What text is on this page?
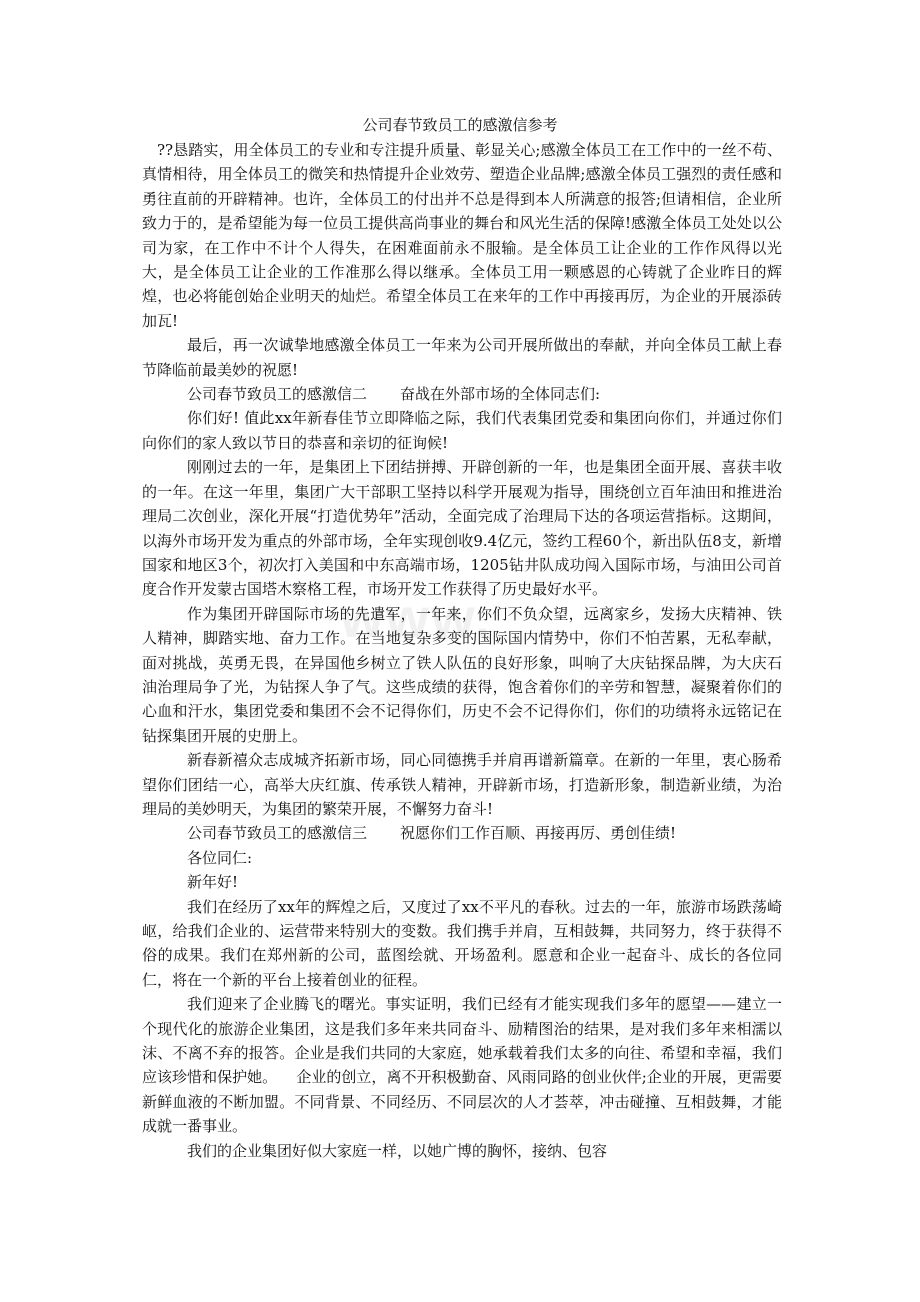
www.
公司春节致员工的感激信参考

??恳踏实，用全体员工的专业和专注提升质量、彰显关心;感激全体员工在工作中的一丝不苟、真情相待，用全体员工的微笑和热情提升企业效劳、塑造企业品牌;感激全体员工强烈的责任感和勇往直前的开辟精神。也许，全体员工的付出并不总是得到本人所满意的报答;但请相信，企业所致力于的，是希望能为每一位员工提供高尚事业的舞台和风光生活的保障!感激全体员工处处以公司为家，在工作中不计个人得失，在困难面前永不服输。是全体员工让企业的工作作风得以光大，是全体员工让企业的工作准那么得以继承。全体员工用一颗感恩的心铸就了企业昨日的辉煌，也必将能创始企业明天的灿烂。希望全体员工在来年的工作中再接再厉，为企业的开展添砖加瓦!

最后，再一次诚挚地感激全体员工一年来为公司开展所做出的奉献，并向全体员工献上春节降临前最美妙的祝愿!

公司春节致员工的感激信二 奋战在外部市场的全体同志们:

你们好! 值此xx年新春佳节立即降临之际，我们代表集团党委和集团向你们，并通过你们向你们的家人致以节日的恭喜和亲切的征询候!

刚刚过去的一年，是集团上下团结拼搏、开辟创新的一年，也是集团全面开展、喜获丰收的一年。在这一年里，集团广大干部职工坚持以科学开展观为指导，围绕创立百年油田和推进治理局二次创业，深化开展“打造优势年”活动，全面完成了治理局下达的各项运营指标。这期间，以海外市场开发为重点的外部市场，全年实现创收9.4亿元，签约工程60个，新出队伍8支，新增国家和地区3个，初次打入美国和中东高端市场，1205钻井队成功闯入国际市场，与油田公司首度合作开发蒙古国塔木察格工程，市场开发工作获得了历史最好水平。

作为集团开辟国际市场的先遣军，一年来，你们不负众望，远离家乡，发扬大庆精神、铁人精神，脚踏实地、奋力工作。在当地复杂多变的国际国内情势中，你们不怕苦累，无私奉献，面对挑战，英勇无畏，在异国他乡树立了铁人队伍的良好形象，叫响了大庆钻探品牌，为大庆石油治理局争了光，为钻探人争了气。这些成绩的获得，饱含着你们的辛劳和智慧，凝聚着你们的心血和汗水，集团党委和集团不会不记得你们，历史不会不记得你们，你们的功绩将永远铭记在钻探集团开展的史册上。

新春新禧众志成城齐拓新市场，同心同德携手并肩再谱新篇章。在新的一年里，衷心肠希望你们团结一心，高举大庆红旗、传承铁人精神，开辟新市场，打造新形象，制造新业绩，为治理局的美妙明天，为集团的繁荣开展，不懈努力奋斗!

公司春节致员工的感激信三 祝愿你们工作百顺、再接再厉、勇创佳绩!

各位同仁:

新年好!

我们在经历了xx年的辉煌之后，又度过了xx不平凡的春秋。过去的一年，旅游市场跌荡崎岖，给我们企业的、运营带来特别大的变数。我们携手并肩，互相鼓舞，共同努力，终于获得不俗的成果。我们在郑州新的公司，蓝图绘就、开场盈利。愿意和企业一起奋斗、成长的各位同仁，将在一个新的平台上接着创业的征程。

我们迎来了企业腾飞的曙光。事实证明，我们已经有才能实现我们多年的愿望——建立一个现代化的旅游企业集团，这是我们多年来共同奋斗、励精图治的结果，是对我们多年来相濡以沫、不离不弃的报答。企业是我们共同的大家庭，她承载着我们太多的向往、希望和幸福，我们应该珍惜和保护她。 企业的创立，离不开积极勤奋、风雨同路的创业伙伴;企业的开展，更需要新鲜血液的不断加盟。不同背景、不同经历、不同层次的人才荟萃，冲击碰撞、互相鼓舞，才能成就一番事业。

我们的企业集团好似大家庭一样，以她广博的胸怀，接纳、包容
